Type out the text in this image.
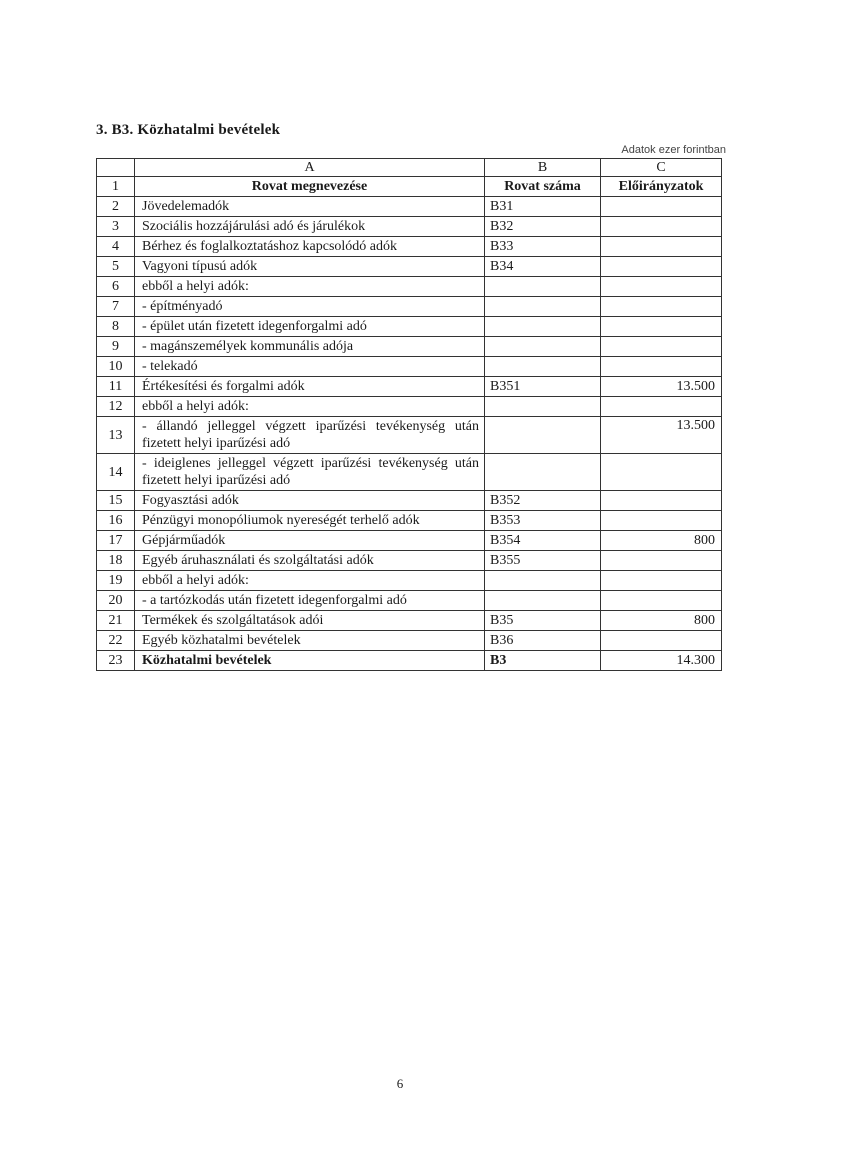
3. B3. Közhatalmi bevételek
Adatok ezer forintban
	A	B	C
1	Rovat megnevezése	Rovat száma	Előirányzatok
2	Jövedelemadók	B31	
3	Szociális hozzájárulási adó és járulékok	B32	
4	Bérhez és foglalkoztatáshoz kapcsolódó adók	B33	
5	Vagyoni típusú adók	B34	
6	ebből a helyi adók:		
7	- építményadó		
8	- épület után fizetett idegenforgalmi adó		
9	- magánszemélyek kommunális adója		
10	- telekadó		
11	Értékesítési és forgalmi adók	B351	13.500
12	ebből a helyi adók:		
13	- állandó jelleggel végzett iparűzési tevékenység után fizetett helyi iparűzési adó		13.500
14	- ideiglenes jelleggel végzett iparűzési tevékenység után fizetett helyi iparűzési adó		
15	Fogyasztási adók	B352	
16	Pénzügyi monopóliumok nyereségét terhelő adók	B353	
17	Gépjárműadók	B354	800
18	Egyéb áruhasználati és szolgáltatási adók	B355	
19	ebből a helyi adók:		
20	- a tartózkodás után fizetett idegenforgalmi adó		
21	Termékek és szolgáltatások adói	B35	800
22	Egyéb közhatalmi bevételek	B36	
23	Közhatalmi bevételek	B3	14.300
6
